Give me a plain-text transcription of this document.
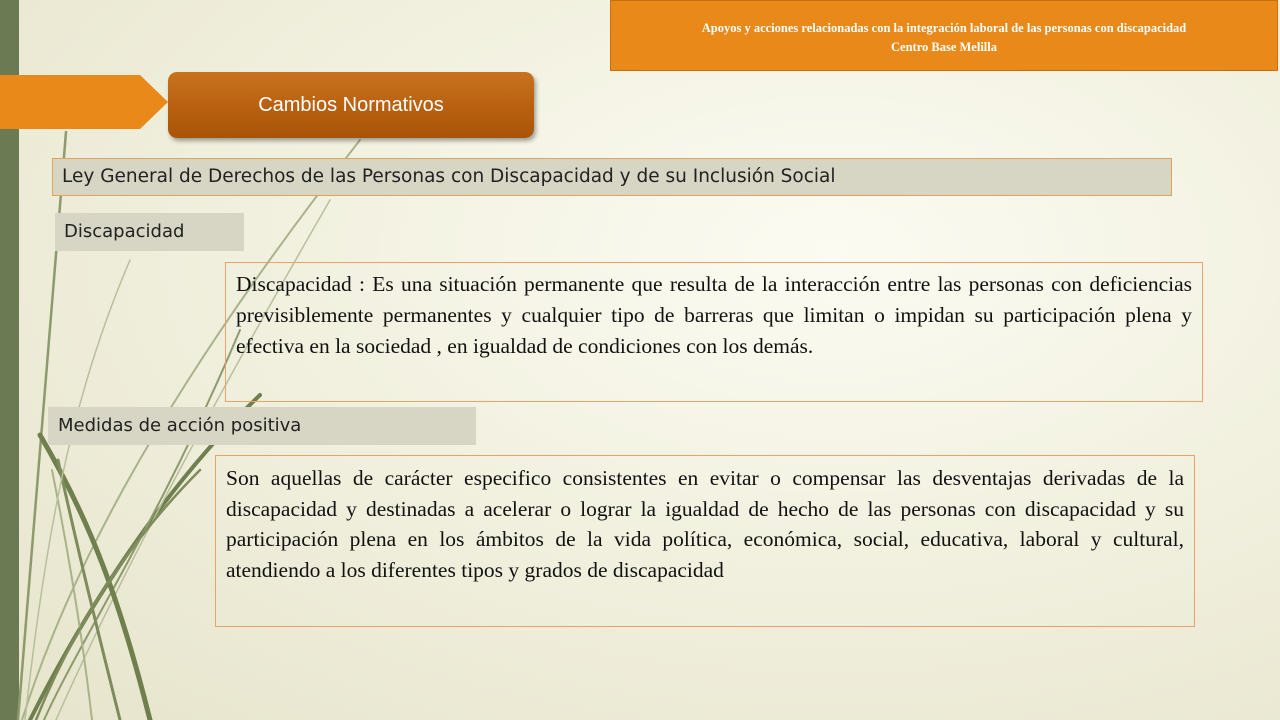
Apoyos y acciones relacionadas con la integración laboral de las personas con discapacidad
Centro Base Melilla
Cambios Normativos
Ley General de Derechos de las Personas con Discapacidad y de su Inclusión Social
Discapacidad
Discapacidad : Es una situación permanente que resulta de la interacción entre las personas con deficiencias previsiblemente permanentes y cualquier tipo de barreras que limitan o impidan su participación plena y efectiva en la sociedad , en igualdad de condiciones con los demás.
Medidas de acción positiva
Son aquellas de carácter especifico consistentes en evitar o compensar las desventajas derivadas de la discapacidad y destinadas a acelerar o lograr la igualdad de hecho de las personas con discapacidad y su participación plena en los ámbitos de la vida política, económica, social, educativa, laboral y cultural, atendiendo a los diferentes tipos y grados de discapacidad
